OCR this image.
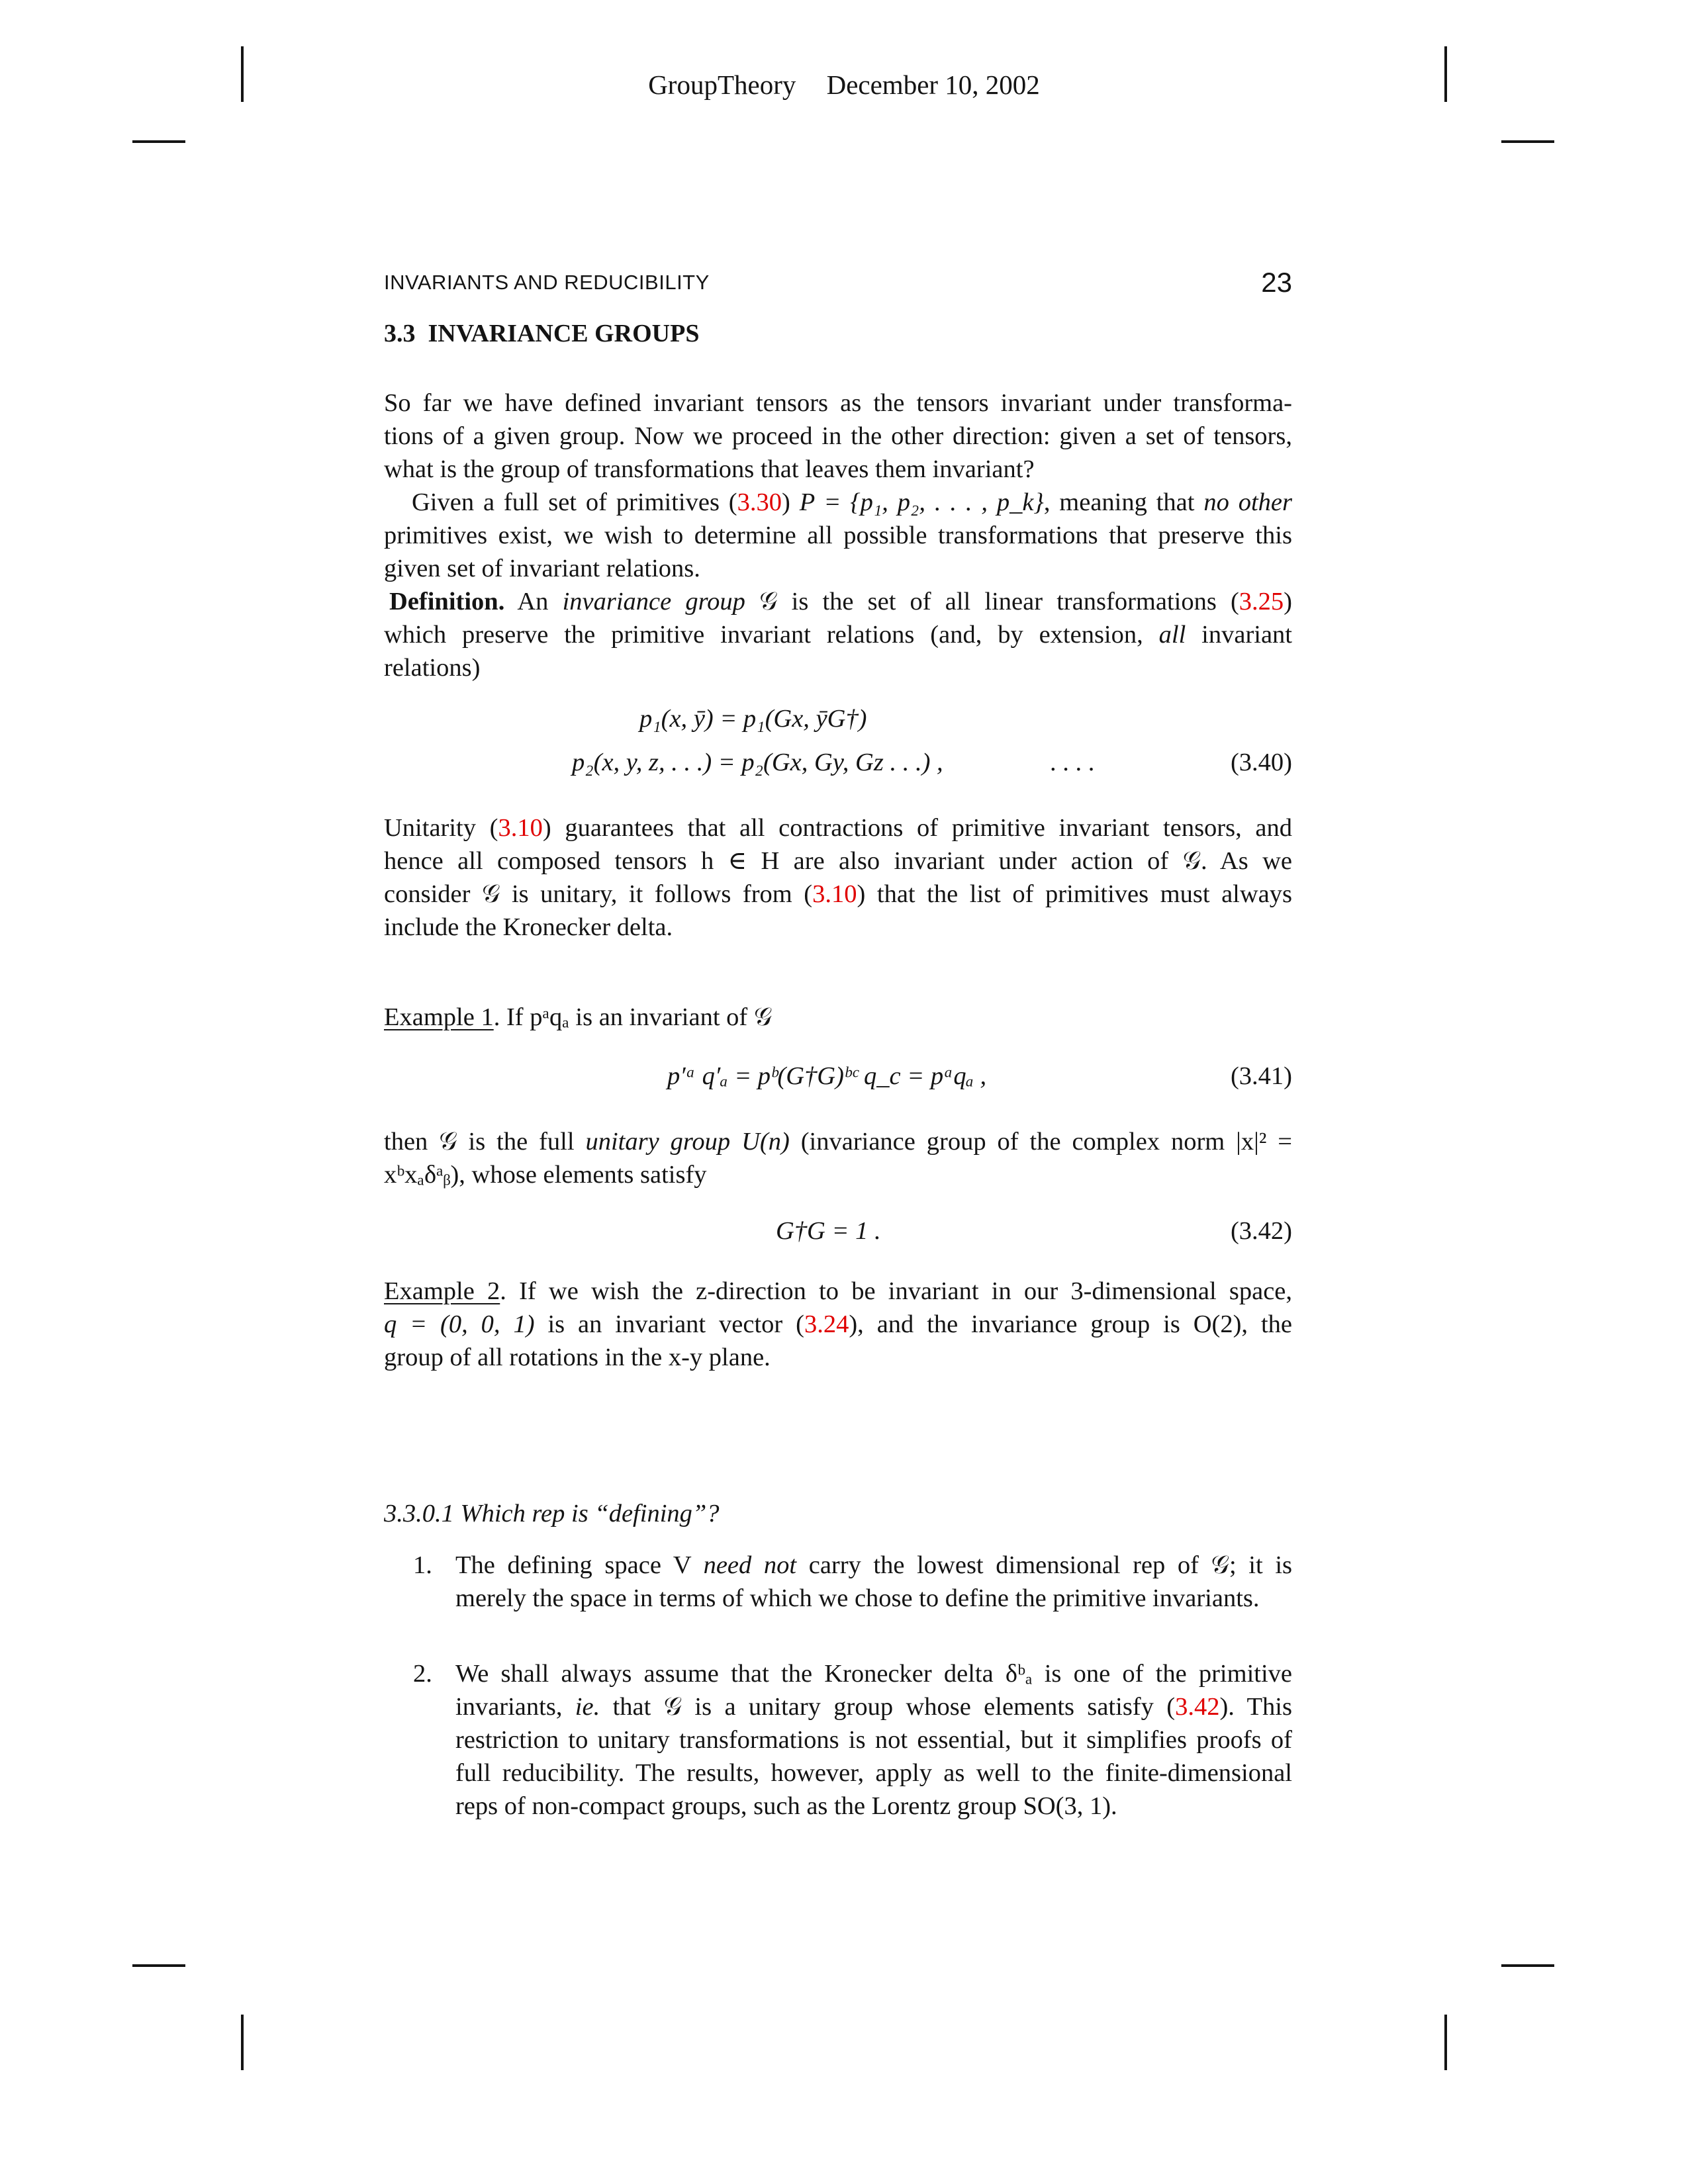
GroupTheory December 10, 2002
INVARIANTS AND REDUCIBILITY	23
3.3 INVARIANCE GROUPS
So far we have defined invariant tensors as the tensors invariant under transforma-
tions of a given group. Now we proceed in the other direction: given a set of tensors,
what is the group of transformations that leaves them invariant?
Given a full set of primitives (3.30) P = {p₁, p₂, . . . , p_k}, meaning that no other
primitives exist, we wish to determine all possible transformations that preserve this
given set of invariant relations.
Definition. An invariance group 𝒢 is the set of all linear transformations (3.25)
which preserve the primitive invariant relations (and, by extension, all invariant
relations)
p₁(x, ȳ) = p₁(Gx, ȳG†)
p₂(x, y, z, . . .) = p₂(Gx, Gy, Gz . . .) ,	. . . .	(3.40)
Unitarity (3.10) guarantees that all contractions of primitive invariant tensors, and
hence all composed tensors h ∈ H are also invariant under action of 𝒢. As we
consider 𝒢 is unitary, it follows from (3.10) that the list of primitives must always
include the Kronecker delta.
Example 1. If pᵃqₐ is an invariant of 𝒢
p′ᵃ q′ₐ = pᵇ(G†G)ᵇᶜ q_c = pᵃqₐ ,	(3.41)
then 𝒢 is the full unitary group U(n) (invariance group of the complex norm |x|² =
xᵇxₐδᵃᵦ), whose elements satisfy
G†G = 1 .	(3.42)
Example 2. If we wish the z-direction to be invariant in our 3-dimensional space,
q = (0, 0, 1) is an invariant vector (3.24), and the invariance group is O(2), the
group of all rotations in the x-y plane.
3.3.0.1 Which rep is “defining”?
1. The defining space V need not carry the lowest dimensional rep of 𝒢; it is
merely the space in terms of which we chose to define the primitive invariants.
2. We shall always assume that the Kronecker delta δᵇₐ is one of the primitive
invariants, ie. that 𝒢 is a unitary group whose elements satisfy (3.42). This
restriction to unitary transformations is not essential, but it simplifies proofs of
full reducibility. The results, however, apply as well to the finite-dimensional
reps of non-compact groups, such as the Lorentz group SO(3, 1).
